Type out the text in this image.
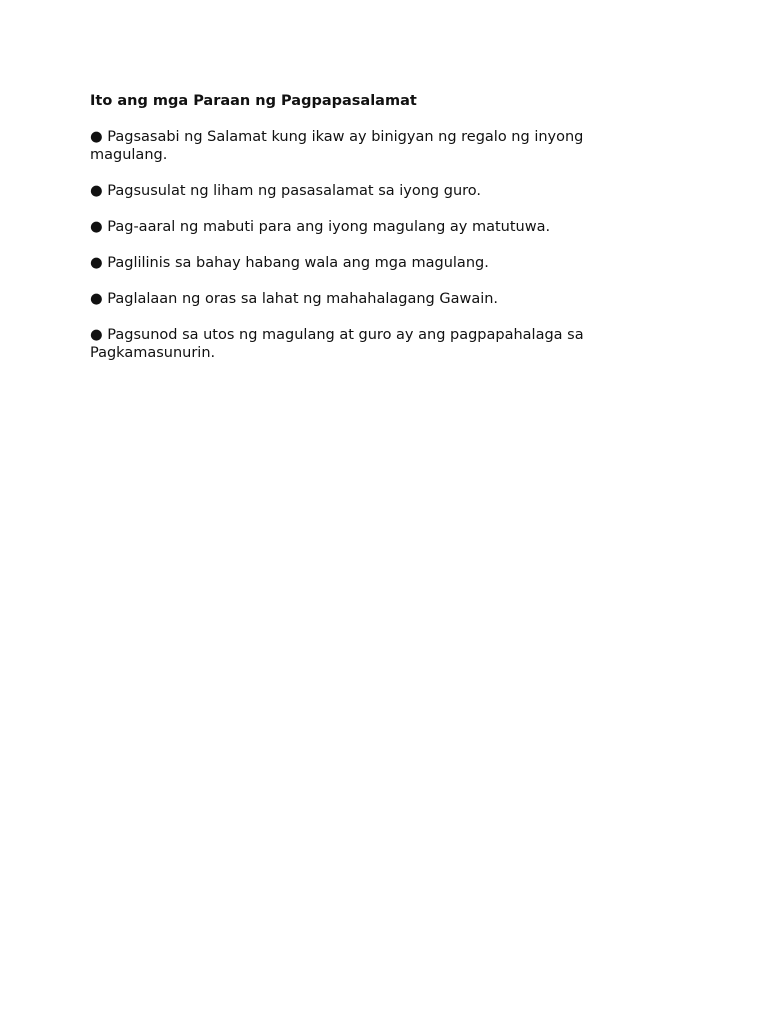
Ito ang mga Paraan ng Pagpapasalamat
● Pagsasabi ng Salamat kung ikaw ay binigyan ng regalo ng inyong magulang.
● Pagsusulat ng liham ng pasasalamat sa iyong guro.
● Pag-aaral ng mabuti para ang iyong magulang ay matutuwa.
● Paglilinis sa bahay habang wala ang mga magulang.
● Paglalaan ng oras sa lahat ng mahahalagang Gawain.
● Pagsunod sa utos ng magulang at guro ay ang pagpapahalaga sa Pagkamasunurin.
